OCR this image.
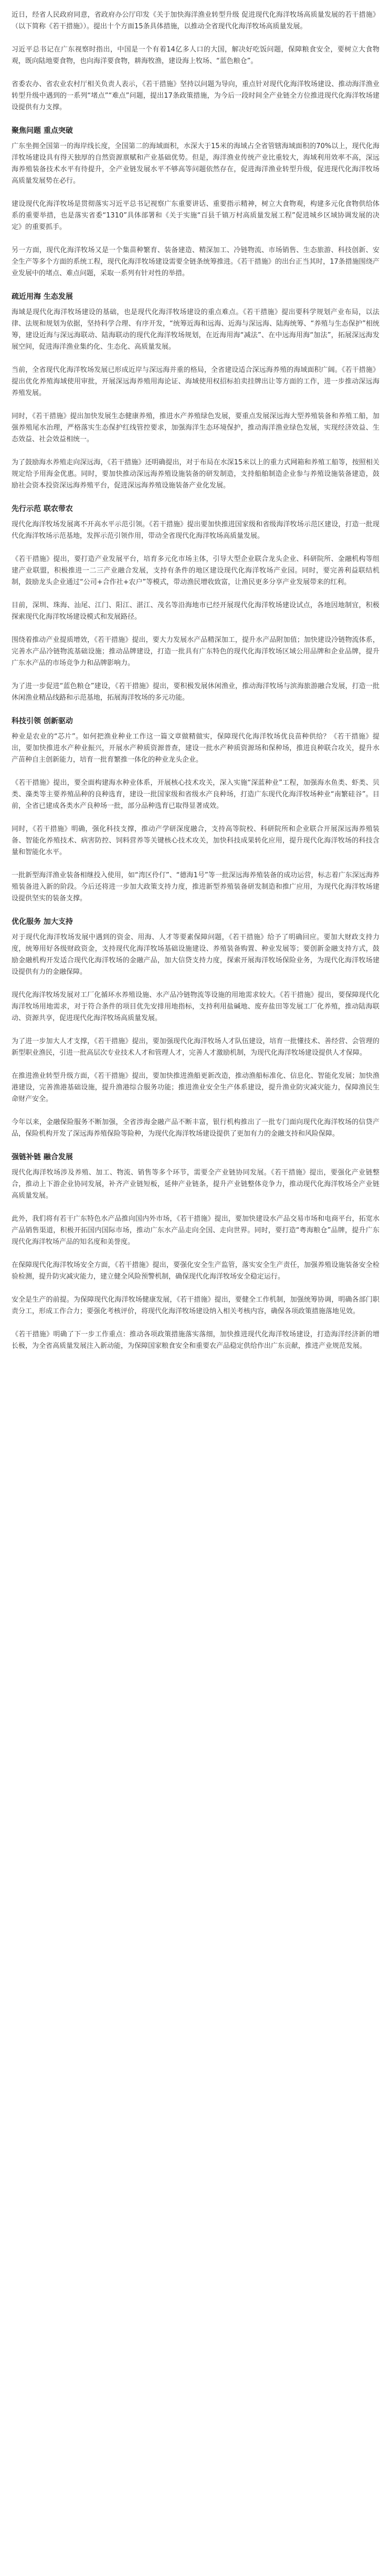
近日，经省人民政府同意，省政府办公厅印发《关于加快海洋渔业转型升级 促进现代化海洋牧场高质量发展的若干措施》（以下简称《若干措施》）。提出十个方面15条具体措施，以推动全省现代化海洋牧场高质量发展。

习近平总书记在广东视察时指出，中国是一个有着14亿多人口的大国，解决好吃饭问题，保障粮食安全，要树立大食物观，既向陆地要食物，也向海洋要食物，耕海牧渔，建设海上牧场、“蓝色粮仓”。

省委农办、省农业农村厅相关负责人表示，《若干措施》坚持以问题为导向，重点针对现代化海洋牧场建设、推动海洋渔业转型升级中遇到的一系列“堵点”“难点”问题，提出17条政策措施，为今后一段时间全产业链全方位推进现代化海洋牧场建设提供有力支撑。

聚焦问题 重点突破

广东坐拥全国第一的海岸线长度，全国第二的海域面积，水深大于15米的海域占全省管辖海域面积的70%以上，现代化海洋牧场建设具有得天独厚的自然资源禀赋和产业基础优势。但是，海洋渔业传统产业比重较大，海域利用效率不高，深远海养殖装备技术水平有待提升，全产业链发展水平不够高等问题依然存在，促进海洋渔业转型升级，促进现代化海洋牧场高质量发展势在必行。

建设现代化海洋牧场是贯彻落实习近平总书记视察广东重要讲话、重要指示精神，树立大食物观，构建多元化食物供给体系的重要举措，也是落实省委“1310”具体部署和《关于实施“百县千镇万村高质量发展工程”促进城乡区域协调发展的决定》的重要抓手。

另一方面，现代化海洋牧场又是一个集苗种繁育、装备建造、精深加工、冷链物流、市场销售、生态旅游、科技创新、安全生产等多个方面的系统工程，现代化海洋牧场建设需要全链条统筹推进。《若干措施》的出台正当其时，17条措施围绕产业发展中的堵点、难点问题，采取一系列有针对性的举措。

疏近用海 生态发展

海域是现代化海洋牧场建设的基础，也是现代化海洋牧场建设的重点难点。《若干措施》提出要科学规划产业布局，以法律、法规和规划为依据，坚持科学合理、有序开发，“统筹近海和远海、近海与深远海、陆海统筹、“养殖与生态保护”相统筹，建设近海与深远海联动、陆海联动的现代化海洋牧场规划，在近海用海“减法”、在中远海用海“加法”，拓展深远海发展空间，促进海洋渔业集约化、生态化、高质量发展。

当前，全省现代化海洋牧场发展已形成近岸与深远海并重的格局，全省建设适合深远海养殖的海域面积广阔。《若干措施》提出优化养殖海域使用审批，开展深远海养殖用海论证、海域使用权招标拍卖挂牌出让等方面的工作，进一步推动深远海养殖发展。

同时，《若干措施》提出加快发展生态健康养殖，推进水产养殖绿色发展，要重点发展深远海大型养殖装备和养殖工船，加强养殖尾水治理，严格落实生态保护红线管控要求，加强海洋生态环境保护，推动海洋渔业绿色发展，实现经济效益、生态效益、社会效益相统一。

为了鼓励海水养殖走向深远海，《若干措施》还明确提出，对于布局在水深15米以上的重力式网箱和养殖工船等，按照相关规定给予用海金优惠。同时，要加快推动深远海养殖设施装备的研发制造，支持船舶制造企业参与养殖设施装备建造，鼓励社会资本投资深远海养殖平台，促进深远海养殖设施装备产业化发展。

先行示范 联农带农

现代化海洋牧场发展离不开高水平示范引领。《若干措施》提出要加快推进国家级和省级海洋牧场示范区建设，打造一批现代化海洋牧场示范基地，发挥示范引领作用，带动全省现代化海洋牧场高质量发展。

《若干措施》提出，要打造产业发展平台，培育多元化市场主体，引导大型企业联合龙头企业、科研院所、金融机构等组建产业联盟，积极推进一二三产业融合发展，支持有条件的地区建设现代化海洋牧场产业园。同时，要完善利益联结机制，鼓励龙头企业通过“公司+合作社+农户”等模式，带动渔民增收致富，让渔民更多分享产业发展带来的红利。

目前，深圳、珠海、汕尾、江门、阳江、湛江、茂名等沿海地市已经开展现代化海洋牧场建设试点，各地因地制宜，积极探索现代化海洋牧场建设模式和发展路径。

围绕着推动产业提质增效，《若干措施》提出，要大力发展水产品精深加工，提升水产品附加值；加快建设冷链物流体系，完善水产品冷链物流基础设施；推动品牌建设，打造一批具有广东特色的现代化海洋牧场区域公用品牌和企业品牌，提升广东水产品的市场竞争力和品牌影响力。

为了进一步促进“蓝色粮仓”建设，《若干措施》提出，要积极发展休闲渔业，推动海洋牧场与滨海旅游融合发展，打造一批休闲渔业精品线路和示范基地，拓展海洋牧场的多元功能。

科技引领 创新驱动

种业是农业的“芯片”。如何把渔业种业工作这一篇文章做精做实，保障现代化海洋牧场优良苗种供给？《若干措施》提出，要加快推进水产种业振兴，开展水产种质资源普查，建设一批水产种质资源场和保种场，推进良种联合攻关，提升水产苗种自主创新能力，培育一批育繁推一体化的种业龙头企业。

《若干措施》提出，要全面构建海水种业体系，开展核心技术攻关，深入实施“深蓝种业”工程，加强海水鱼类、虾类、贝类、藻类等主要养殖品种的良种选育，建设一批国家级和省级水产良种场，打造广东现代化海洋牧场种业“南繁硅谷”。目前，全省已建成各类水产良种场一批，部分品种选育已取得显著成效。

同时，《若干措施》明确，强化科技支撑，推动产学研深度融合，支持高等院校、科研院所和企业联合开展深远海养殖装备、智能化养殖技术、病害防控、饲料营养等关键核心技术攻关，加快科技成果转化应用，提升现代化海洋牧场的科技含量和智能化水平。

一批新型海洋渔业装备相继投入使用，如“湾区伶仃”、“德海1号”等一批深远海养殖装备的成功运营，标志着广东深远海养殖装备进入新的阶段。今后还将进一步加大政策支持力度，推进新型养殖装备研发制造和推广应用，为现代化海洋牧场建设提供坚实的装备支撑。

优化服务 加大支持

对于现代化海洋牧场发展中遇到的资金、用海、人才等要素保障问题，《若干措施》给予了明确回应。要加大财政支持力度，统筹用好各级财政资金，支持现代化海洋牧场基础设施建设、养殖装备购置、种业发展等；要创新金融支持方式，鼓励金融机构开发适合现代化海洋牧场的金融产品，加大信贷支持力度，探索开展海洋牧场保险业务，为现代化海洋牧场建设提供有力的金融保障。

现代化海洋牧场发展对工厂化循环水养殖设施、水产品冷链物流等设施的用地需求较大。《若干措施》提出，要保障现代化海洋牧场用地需求，对于符合条件的项目优先安排用地指标，支持利用盐碱地、废弃盐田等发展工厂化养殖，推动陆海联动、资源共享，促进现代化海洋牧场高质量发展。

为了进一步加大人才支撑，《若干措施》提出，要加强现代化海洋牧场人才队伍建设，培育一批懂技术、善经营、会管理的新型职业渔民，引进一批高层次专业技术人才和管理人才，完善人才激励机制，为现代化海洋牧场建设提供人才保障。

在推进渔业转型升级方面，《若干措施》提出，要加快推进渔船更新改造，推动渔船标准化、信息化、智能化发展；加快渔港建设，完善渔港基础设施，提升渔港综合服务功能；推进渔业安全生产体系建设，提升渔业防灾减灾能力，保障渔民生命财产安全。

今年以来，金融保险服务不断加强，全省涉海金融产品不断丰富，银行机构推出了一批专门面向现代化海洋牧场的信贷产品，保险机构开发了深远海养殖保险等险种，为现代化海洋牧场建设提供了更加有力的金融支持和风险保障。

强链补链 融合发展

现代化海洋牧场涉及养殖、加工、物流、销售等多个环节，需要全产业链协同发展。《若干措施》提出，要强化产业链整合，推动上下游企业协同发展，补齐产业链短板，延伸产业链条，提升产业链整体竞争力，推动现代化海洋牧场全产业链高质量发展。

此外，我们将有若干广东特色水产品推向国内外市场，《若干措施》提出，要加快建设水产品交易市场和电商平台，拓宽水产品销售渠道，积极开拓国内国际市场，推动广东水产品走向全国、走向世界。同时，要打造“粤海粮仓”品牌，提升广东现代化海洋牧场产品的知名度和美誉度。

在保障现代化海洋牧场安全方面，《若干措施》提出，要强化安全生产监管，落实安全生产责任，加强养殖设施装备安全检验检测，提升防灾减灾能力，建立健全风险预警机制，确保现代化海洋牧场安全稳定运行。

安全是生产的前提。为保障现代化海洋牧场健康发展，《若干措施》提出，要健全工作机制，加强统筹协调，明确各部门职责分工，形成工作合力；要强化考核评价，将现代化海洋牧场建设纳入相关考核内容，确保各项政策措施落地见效。

《若干措施》明确了下一步工作重点：推动各项政策措施落实落细，加快推进现代化海洋牧场建设，打造海洋经济新的增长极，为全省高质量发展注入新动能，为保障国家粮食安全和重要农产品稳定供给作出广东贡献，推进产业规范发展。
